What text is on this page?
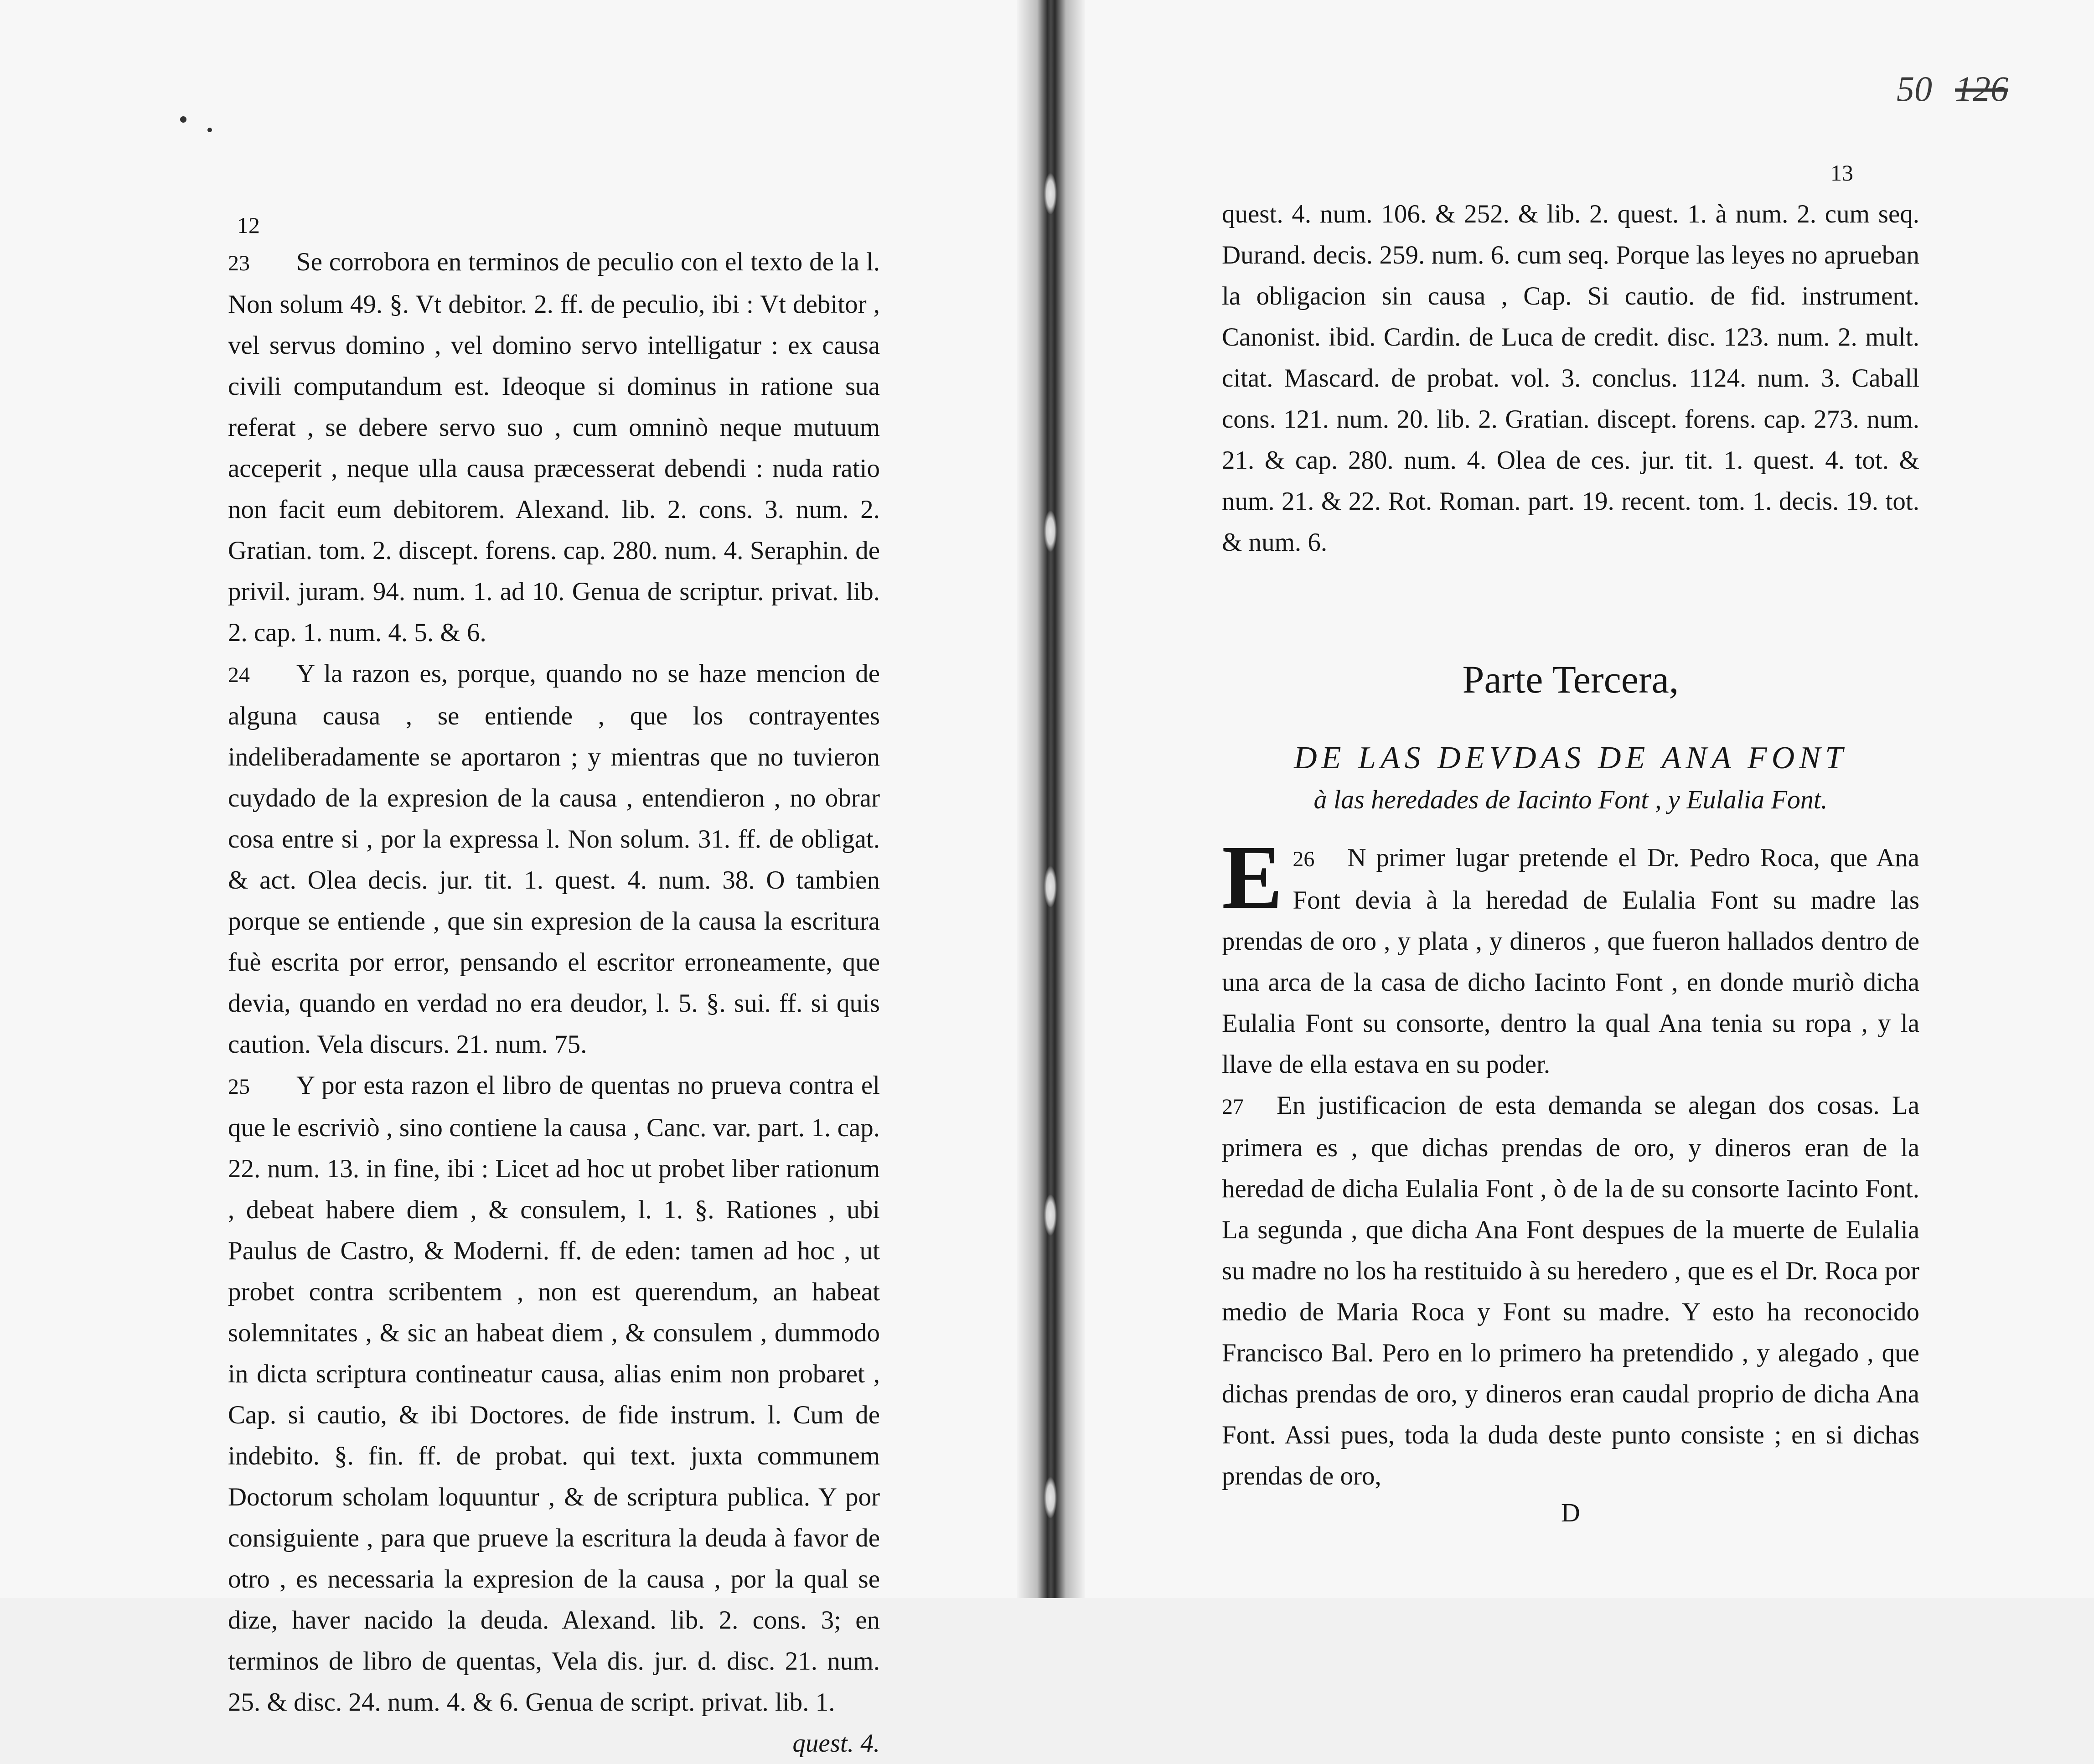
50 126
12

23 Se corrobora en terminos de peculio con el texto de la l. Non solum 49. §. Vt debitor. 2. ff. de peculio, ibi : Vt debitor , vel servus domino , vel domino servo intelligatur : ex causa civili computandum est. Ideoque si dominus in ratione sua referat , se debere servo suo , cum omninò neque mutuum acceperit , neque ulla causa præcesserat debendi : nuda ratio non facit eum debitorem. Alexand. lib. 2. cons. 3. num. 2. Gratian. tom. 2. discept. forens. cap. 280. num. 4. Seraphin. de privil. juram. 94. num. 1. ad 10. Genua de scriptur. privat. lib. 2. cap. 1. num. 4. 5. & 6.

24 Y la razon es, porque, quando no se haze mencion de alguna causa , se entiende , que los contrayentes indeliberadamente se aportaron ; y mientras que no tuvieron cuydado de la expresion de la causa , entendieron , no obrar cosa entre si , por la expressa l. Non solum. 31. ff. de obligat. & act. Olea decis. jur. tit. 1. quest. 4. num. 38. O tambien porque se entiende , que sin expresion de la causa la escritura fuè escrita por error, pensando el escritor erroneamente, que devia, quando en verdad no era deudor, l. 5. §. sui. ff. si quis caution. Vela discurs. 21. num. 75.

25 Y por esta razon el libro de quentas no prueva contra el que le escriviò , sino contiene la causa , Canc. var. part. 1. cap. 22. num. 13. in fine, ibi : Licet ad hoc ut probet liber rationum , debeat habere diem , & consulem, l. 1. §. Rationes , ubi Paulus de Castro, & Moderni. ff. de eden: tamen ad hoc , ut probet contra scribentem , non est querendum, an habeat solemnitates , & sic an habeat diem , & consulem , dummodo in dicta scriptura contineatur causa, alias enim non probaret , Cap. si cautio, & ibi Doctores. de fide instrum. l. Cum de indebito. §. fin. ff. de probat. qui text. juxta communem Doctorum scholam loquuntur , & de scriptura publica. Y por consiguiente , para que prueve la escritura la deuda à favor de otro , es necessaria la expresion de la causa , por la qual se dize, haver nacido la deuda. Alexand. lib. 2. cons. 3; en terminos de libro de quentas, Vela dis. jur. d. disc. 21. num. 25. & disc. 24. num. 4. & 6. Genua de script. privat. lib. 1.

quest. 4.

13

quest. 4. num. 106. & 252. & lib. 2. quest. 1. à num. 2. cum seq. Durand. decis. 259. num. 6. cum seq. Porque las leyes no aprueban la obligacion sin causa , Cap. Si cautio. de fid. instrument. Canonist. ibid. Cardin. de Luca de credit. disc. 123. num. 2. mult. citat. Mascard. de probat. vol. 3. conclus. 1124. num. 3. Caball cons. 121. num. 20. lib. 2. Gratian. discept. forens. cap. 273. num. 21. & cap. 280. num. 4. Olea de ces. jur. tit. 1. quest. 4. tot. & num. 21. & 22. Rot. Roman. part. 19. recent. tom. 1. decis. 19. tot. & num. 6.

Parte Tercera,

DE LAS DEVDAS DE ANA FONT

à las heredades de Iacinto Font , y Eulalia Font.

26
E N primer lugar pretende el Dr. Pedro Roca, que Ana Font devia à la heredad de Eulalia Font su madre las prendas de oro , y plata , y dineros , que fueron hallados dentro de una arca de la casa de dicho Iacinto Font , en donde muriò dicha Eulalia Font su consorte, dentro la qual Ana tenia su ropa , y la llave de ella estava en su poder.

27 En justificacion de esta demanda se alegan dos cosas. La primera es , que dichas prendas de oro, y dineros eran de la heredad de dicha Eulalia Font , ò de la de su consorte Iacinto Font. La segunda , que dicha Ana Font despues de la muerte de Eulalia su madre no los ha restituido à su heredero , que es el Dr. Roca por medio de Maria Roca y Font su madre. Y esto ha reconocido Francisco Bal. Pero en lo primero ha pretendido , y alegado , que dichas prendas de oro, y dineros eran caudal proprio de dicha Ana Font. Assi pues, toda la duda deste punto consiste ; en si dichas prendas de oro,

D
